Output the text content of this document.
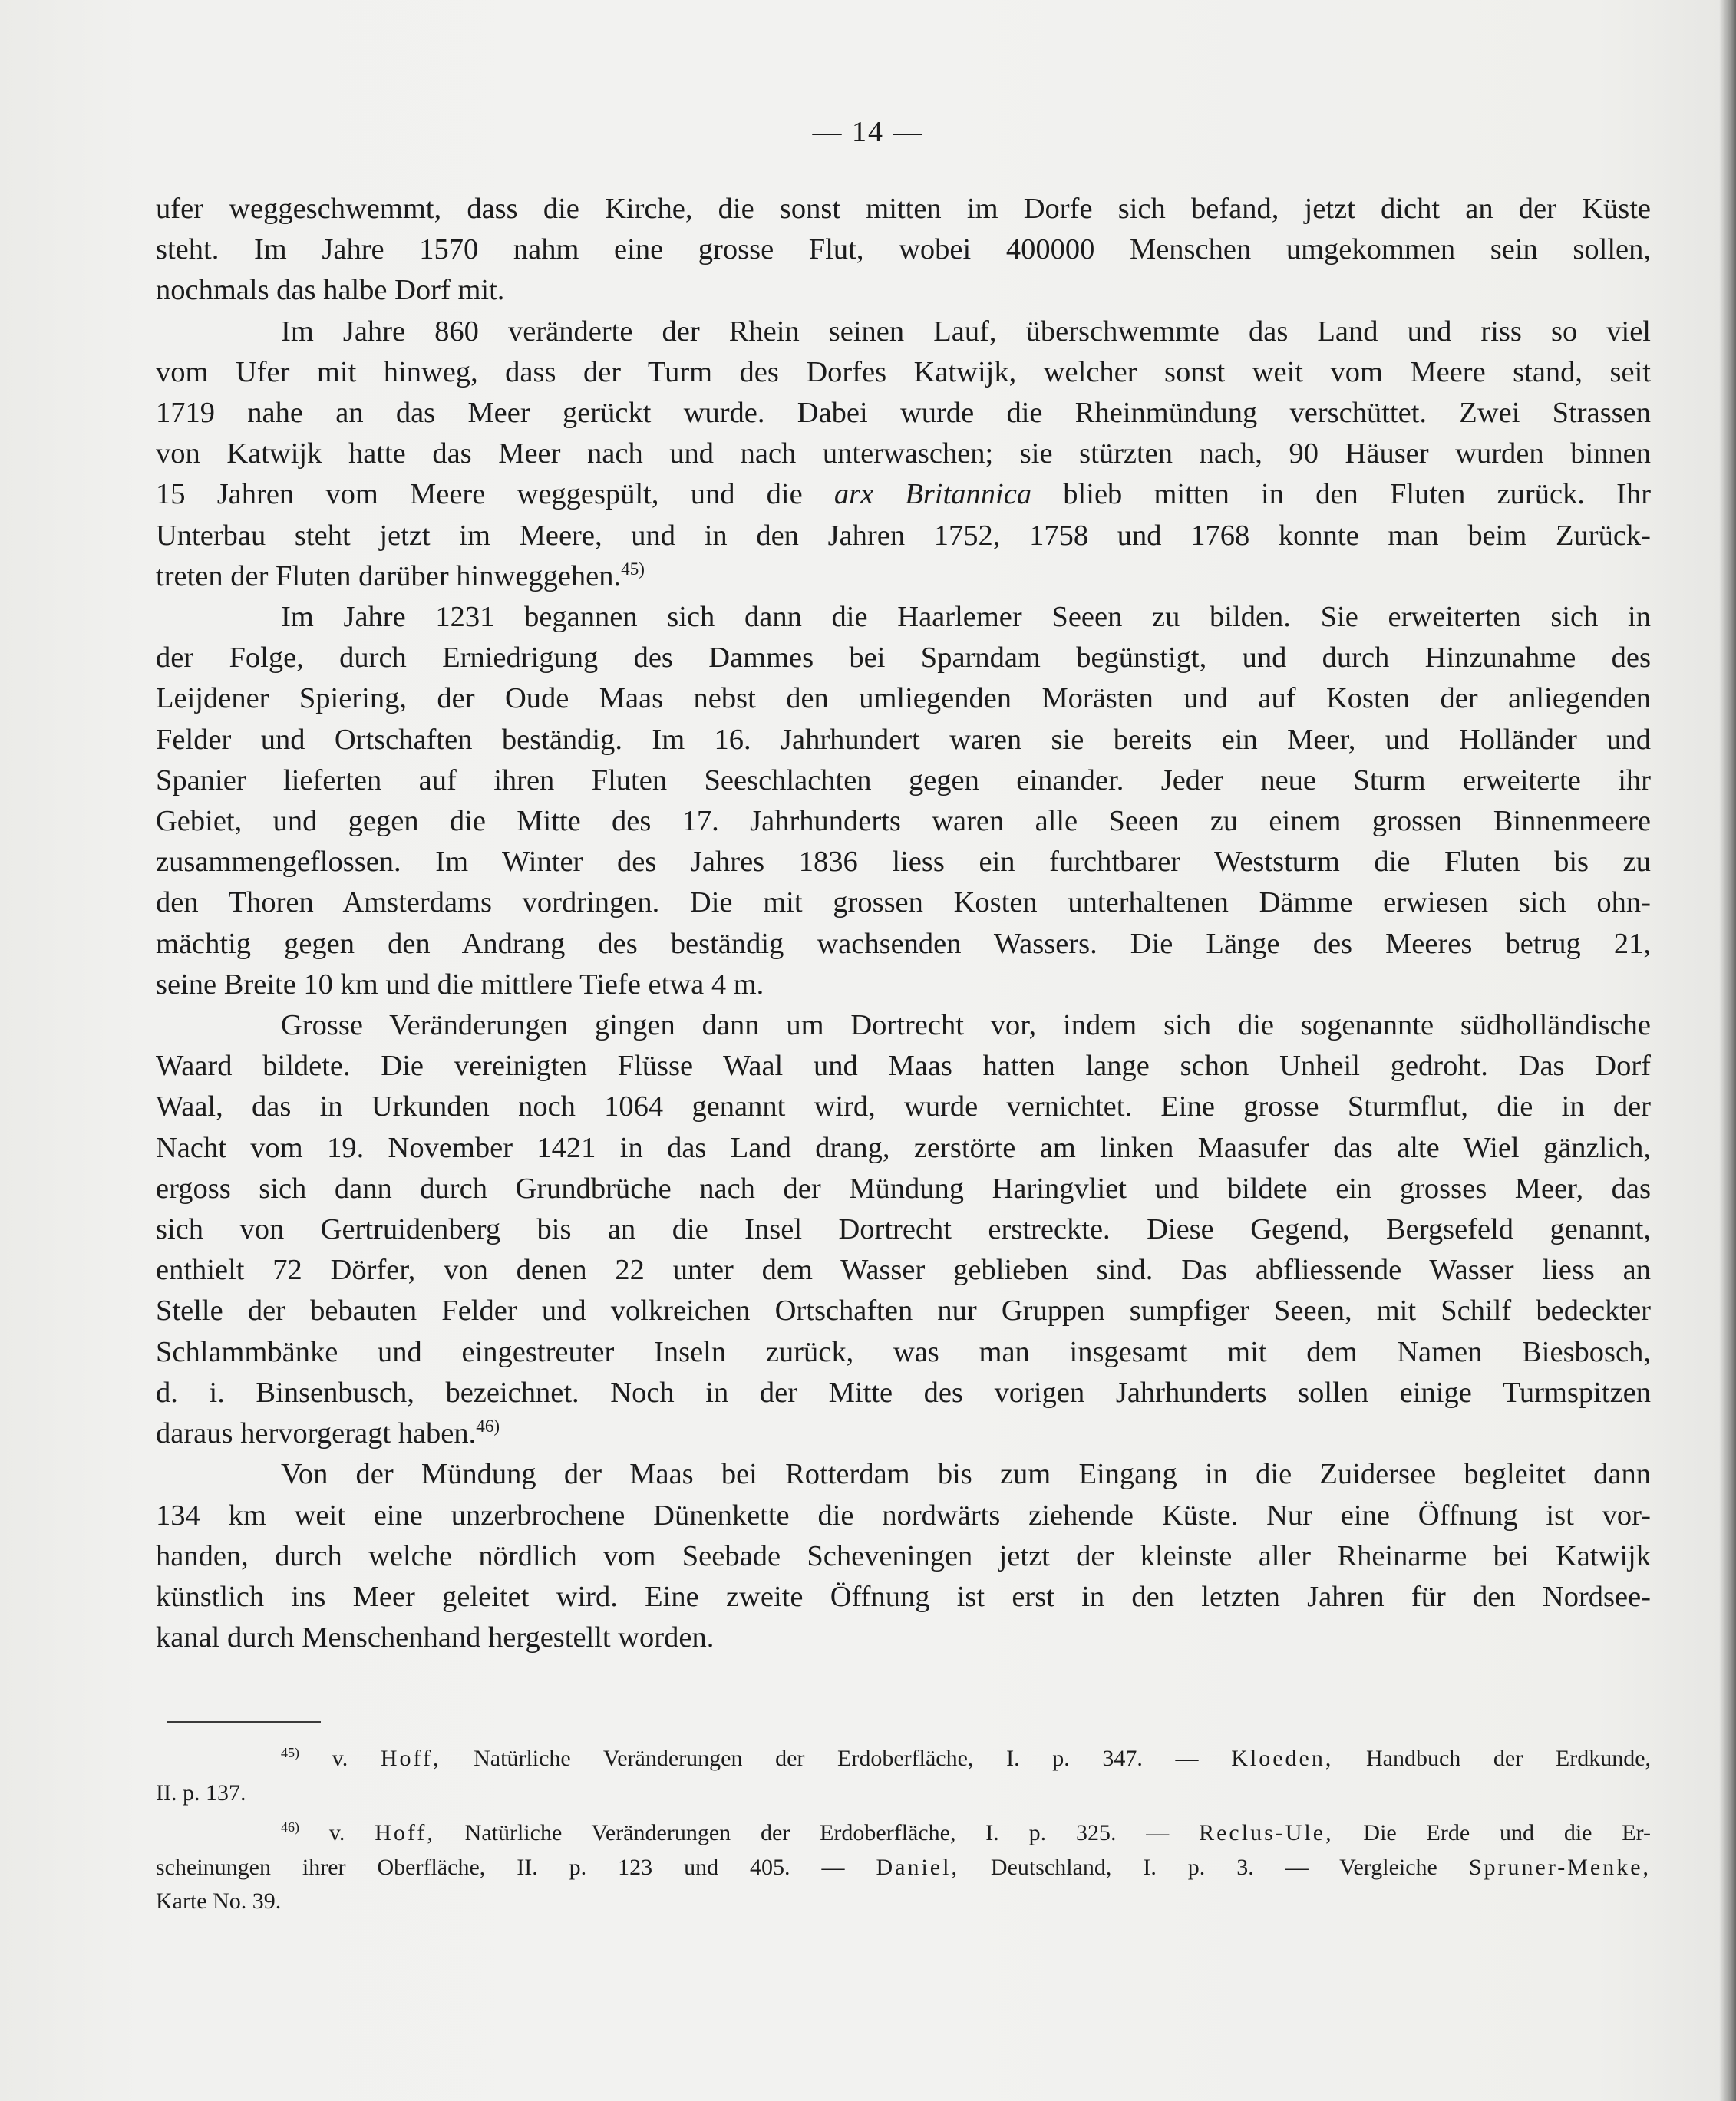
— 14 —
ufer weggeschwemmt, dass die Kirche, die sonst mitten im Dorfe sich befand, jetzt dicht an der Küste
steht. Im Jahre 1570 nahm eine grosse Flut, wobei 400000 Menschen umgekommen sein sollen,
nochmals das halbe Dorf mit.
Im Jahre 860 veränderte der Rhein seinen Lauf, überschwemmte das Land und riss so viel
vom Ufer mit hinweg, dass der Turm des Dorfes Katwijk, welcher sonst weit vom Meere stand, seit
1719 nahe an das Meer gerückt wurde. Dabei wurde die Rheinmündung verschüttet. Zwei Strassen
von Katwijk hatte das Meer nach und nach unterwaschen; sie stürzten nach, 90 Häuser wurden binnen
15 Jahren vom Meere weggespült, und die arx Britannica blieb mitten in den Fluten zurück. Ihr
Unterbau steht jetzt im Meere, und in den Jahren 1752, 1758 und 1768 konnte man beim Zurück-
treten der Fluten darüber hinweggehen.$^{45)}$
Im Jahre 1231 begannen sich dann die Haarlemer Seeen zu bilden. Sie erweiterten sich in
der Folge, durch Erniedrigung des Dammes bei Sparndam begünstigt, und durch Hinzunahme des
Leijdener Spiering, der Oude Maas nebst den umliegenden Morästen und auf Kosten der anliegenden
Felder und Ortschaften beständig. Im 16. Jahrhundert waren sie bereits ein Meer, und Holländer und
Spanier lieferten auf ihren Fluten Seeschlachten gegen einander. Jeder neue Sturm erweiterte ihr
Gebiet, und gegen die Mitte des 17. Jahrhunderts waren alle Seeen zu einem grossen Binnenmeere
zusammengeflossen. Im Winter des Jahres 1836 liess ein furchtbarer Weststurm die Fluten bis zu
den Thoren Amsterdams vordringen. Die mit grossen Kosten unterhaltenen Dämme erwiesen sich ohn-
mächtig gegen den Andrang des beständig wachsenden Wassers. Die Länge des Meeres betrug 21,
seine Breite 10 km und die mittlere Tiefe etwa 4 m.
Grosse Veränderungen gingen dann um Dortrecht vor, indem sich die sogenannte südholländische
Waard bildete. Die vereinigten Flüsse Waal und Maas hatten lange schon Unheil gedroht. Das Dorf
Waal, das in Urkunden noch 1064 genannt wird, wurde vernichtet. Eine grosse Sturmflut, die in der
Nacht vom 19. November 1421 in das Land drang, zerstörte am linken Maasufer das alte Wiel gänzlich,
ergoss sich dann durch Grundbrüche nach der Mündung Haringvliet und bildete ein grosses Meer, das
sich von Gertruidenberg bis an die Insel Dortrecht erstreckte. Diese Gegend, Bergsefeld genannt,
enthielt 72 Dörfer, von denen 22 unter dem Wasser geblieben sind. Das abfliessende Wasser liess an
Stelle der bebauten Felder und volkreichen Ortschaften nur Gruppen sumpfiger Seeen, mit Schilf bedeckter
Schlammbänke und eingestreuter Inseln zurück, was man insgesamt mit dem Namen Biesbosch,
d. i. Binsenbusch, bezeichnet. Noch in der Mitte des vorigen Jahrhunderts sollen einige Turmspitzen
daraus hervorgeragt haben.$^{46)}$
Von der Mündung der Maas bei Rotterdam bis zum Eingang in die Zuidersee begleitet dann
134 km weit eine unzerbrochene Dünenkette die nordwärts ziehende Küste. Nur eine Öffnung ist vor-
handen, durch welche nördlich vom Seebade Scheveningen jetzt der kleinste aller Rheinarme bei Katwijk
künstlich ins Meer geleitet wird. Eine zweite Öffnung ist erst in den letzten Jahren für den Nordsee-
kanal durch Menschenhand hergestellt worden.
$^{45)}$ v. Hoff, Natürliche Veränderungen der Erdoberfläche, I. p. 347. — Kloeden, Handbuch der Erdkunde,
II. p. 137.
$^{46)}$ v. Hoff, Natürliche Veränderungen der Erdoberfläche, I. p. 325. — Reclus-Ule, Die Erde und die Er-
scheinungen ihrer Oberfläche, II. p. 123 und 405. — Daniel, Deutschland, I. p. 3. — Vergleiche Spruner-Menke,
Karte No. 39.
